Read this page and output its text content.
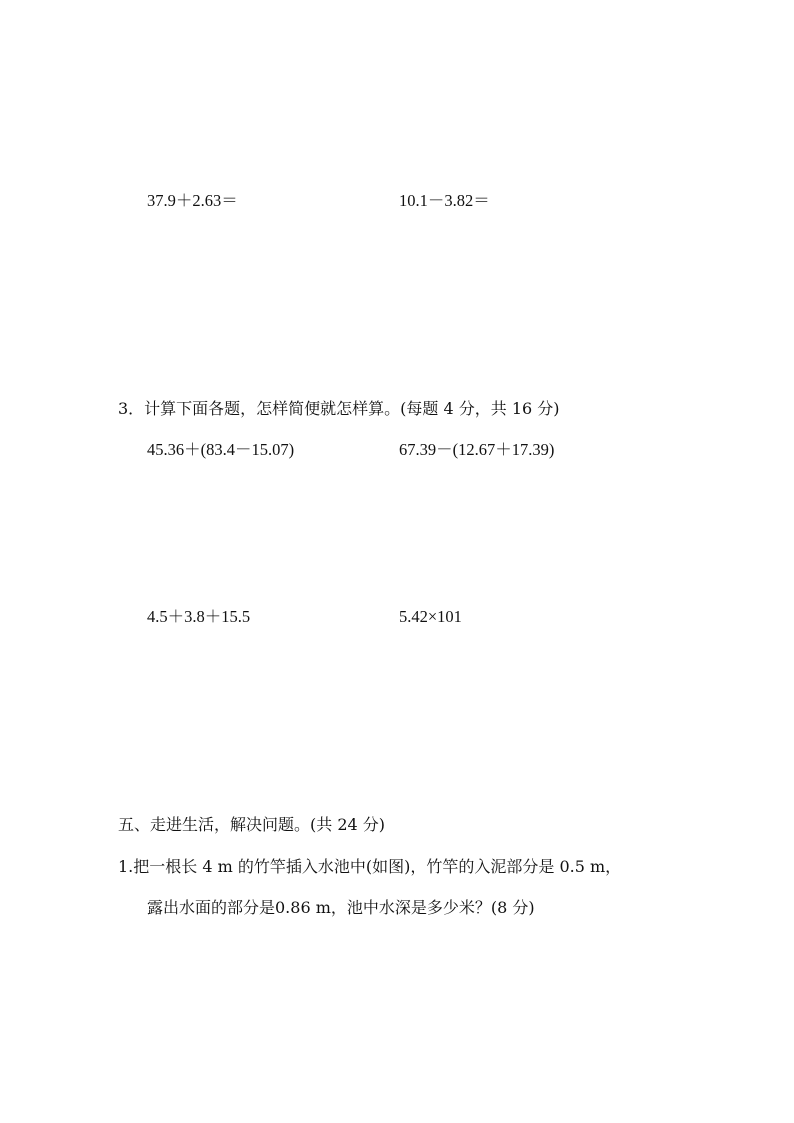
37.9＋2.63＝	10.1－3.82＝

3．计算下面各题，怎样简便就怎样算。(每题 4 分，共 16 分)

45.36＋(83.4－15.07)	67.39－(12.67＋17.39)

4.5＋3.8＋15.5	5.42×101

五、走进生活，解决问题。(共 24 分)

1.把一根长 4 m 的竹竿插入水池中(如图)，竹竿的入泥部分是 0.5 m，

露出水面的部分是0.86 m，池中水深是多少米？(8 分)
